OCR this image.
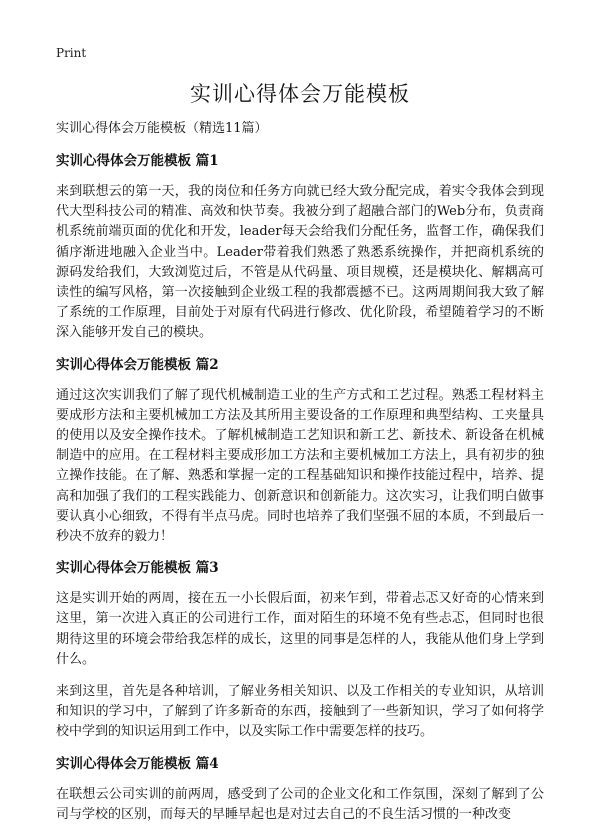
Print
实训心得体会万能模板

实训心得体会万能模板（精选11篇）

实训心得体会万能模板 篇1

来到联想云的第一天，我的岗位和任务方向就已经大致分配完成，着实令我体会到现代大型科技公司的精准、高效和快节奏。我被分到了超融合部门的Web分布，负责商机系统前端页面的优化和开发，leader每天会给我们分配任务，监督工作，确保我们循序渐进地融入企业当中。Leader带着我们熟悉了熟悉系统操作，并把商机系统的源码发给我们，大致浏览过后，不管是从代码量、项目规模，还是模块化、解耦高可读性的编写风格，第一次接触到企业级工程的我都震撼不已。这两周期间我大致了解了系统的工作原理，目前处于对原有代码进行修改、优化阶段，希望随着学习的不断深入能够开发自己的模块。

实训心得体会万能模板 篇2

通过这次实训我们了解了现代机械制造工业的生产方式和工艺过程。熟悉工程材料主要成形方法和主要机械加工方法及其所用主要设备的工作原理和典型结构、工夹量具的使用以及安全操作技术。了解机械制造工艺知识和新工艺、新技术、新设备在机械制造中的应用。在工程材料主要成形加工方法和主要机械加工方法上，具有初步的独立操作技能。在了解、熟悉和掌握一定的工程基础知识和操作技能过程中，培养、提高和加强了我们的工程实践能力、创新意识和创新能力。这次实习，让我们明白做事要认真小心细致，不得有半点马虎。同时也培养了我们坚强不屈的本质，不到最后一秒决不放弃的毅力！

实训心得体会万能模板 篇3

这是实训开始的两周，接在五一小长假后面，初来乍到，带着忐忑又好奇的心情来到这里，第一次进入真正的公司进行工作，面对陌生的环境不免有些忐忑，但同时也很期待这里的环境会带给我怎样的成长，这里的同事是怎样的人，我能从他们身上学到什么。

来到这里，首先是各种培训，了解业务相关知识、以及工作相关的专业知识，从培训和知识的学习中，了解到了许多新奇的东西，接触到了一些新知识，学习了如何将学校中学到的知识运用到工作中，以及实际工作中需要怎样的技巧。

实训心得体会万能模板 篇4

在联想云公司实训的前两周，感受到了公司的企业文化和工作氛围，深刻了解到了公司与学校的区别，而每天的早睡早起也是对过去自己的不良生活习惯的一种改变
